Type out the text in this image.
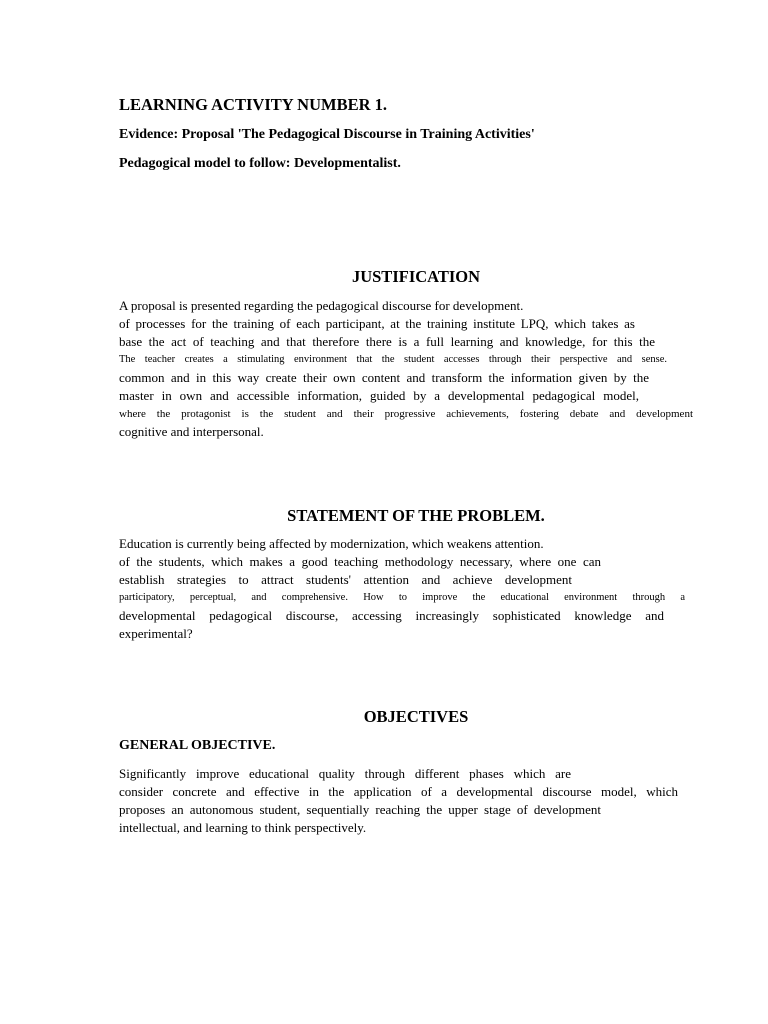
LEARNING ACTIVITY NUMBER 1.

Evidence: Proposal 'The Pedagogical Discourse in Training Activities'

Pedagogical model to follow: Developmentalist.

JUSTIFICATION
A proposal is presented regarding the pedagogical discourse for development.
of processes for the training of each participant, at the training institute LPQ, which takes as
base the act of teaching and that therefore there is a full learning and knowledge, for this the
The teacher creates a stimulating environment that the student accesses through their perspective and sense.
common and in this way create their own content and transform the information given by the
master in own and accessible information, guided by a developmental pedagogical model,
where the protagonist is the student and their progressive achievements, fostering debate and development
cognitive and interpersonal.
STATEMENT OF THE PROBLEM.
Education is currently being affected by modernization, which weakens attention.
of the students, which makes a good teaching methodology necessary, where one can
establish strategies to attract students' attention and achieve development
participatory, perceptual, and comprehensive. How to improve the educational environment through a
developmental pedagogical discourse, accessing increasingly sophisticated knowledge and
experimental?
OBJECTIVES
GENERAL OBJECTIVE.
Significantly improve educational quality through different phases which are
consider concrete and effective in the application of a developmental discourse model, which
proposes an autonomous student, sequentially reaching the upper stage of development
intellectual, and learning to think perspectively.
